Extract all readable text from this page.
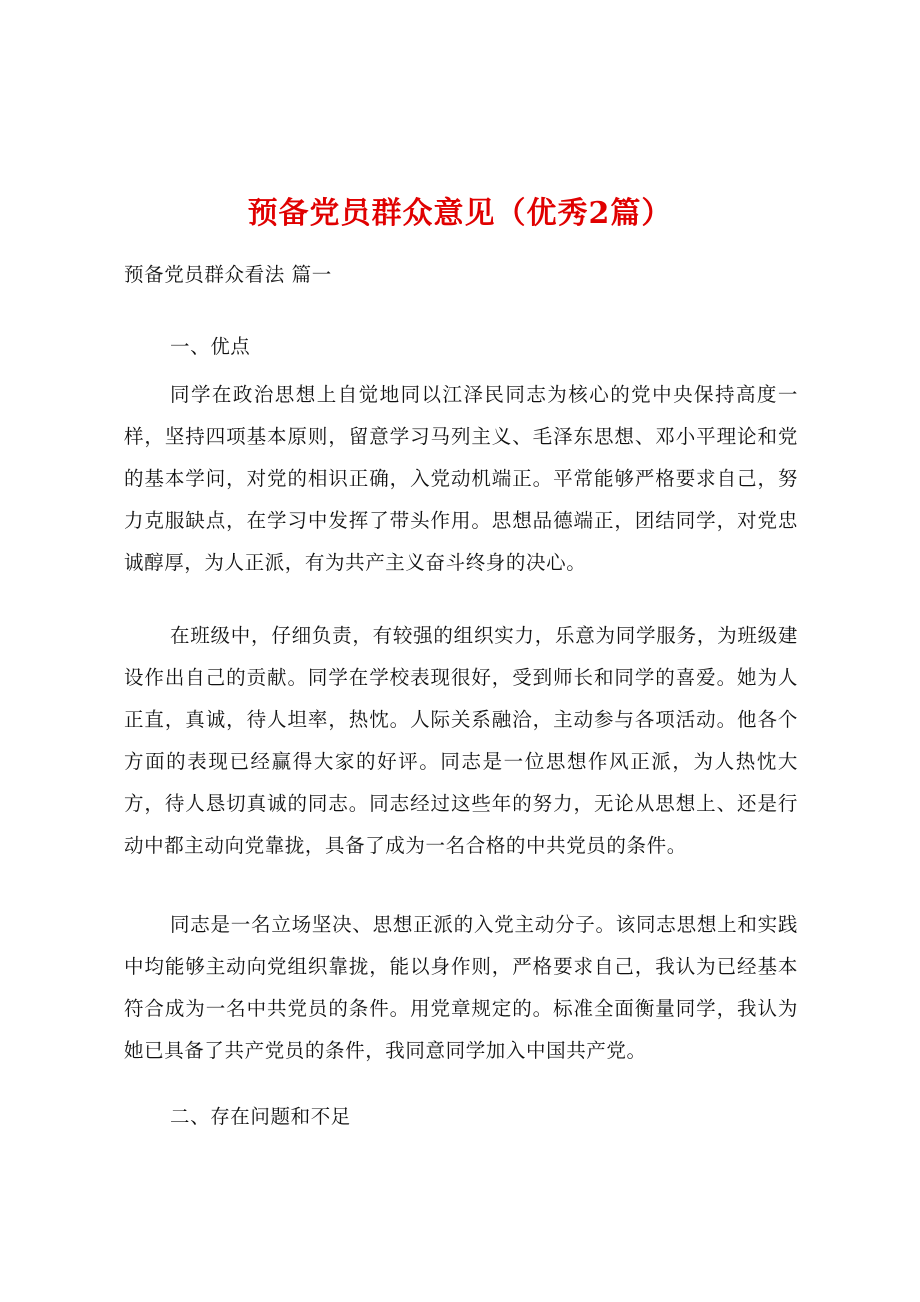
预备党员群众意见（优秀2篇）
预备党员群众看法 篇一
一、优点

同学在政治思想上自觉地同以江泽民同志为核心的党中央保持高度一样，坚持四项基本原则，留意学习马列主义、毛泽东思想、邓小平理论和党的基本学问，对党的相识正确，入党动机端正。平常能够严格要求自己，努力克服缺点，在学习中发挥了带头作用。思想品德端正，团结同学，对党忠诚醇厚，为人正派，有为共产主义奋斗终身的决心。

在班级中，仔细负责，有较强的组织实力，乐意为同学服务，为班级建设作出自己的贡献。同学在学校表现很好，受到师长和同学的喜爱。她为人正直，真诚，待人坦率，热忱。人际关系融洽，主动参与各项活动。他各个方面的表现已经赢得大家的好评。同志是一位思想作风正派，为人热忱大方，待人恳切真诚的同志。同志经过这些年的努力，无论从思想上、还是行动中都主动向党靠拢，具备了成为一名合格的中共党员的条件。

同志是一名立场坚决、思想正派的入党主动分子。该同志思想上和实践中均能够主动向党组织靠拢，能以身作则，严格要求自己，我认为已经基本符合成为一名中共党员的条件。用党章规定的。标准全面衡量同学，我认为她已具备了共产党员的条件，我同意同学加入中国共产党。

二、存在问题和不足
